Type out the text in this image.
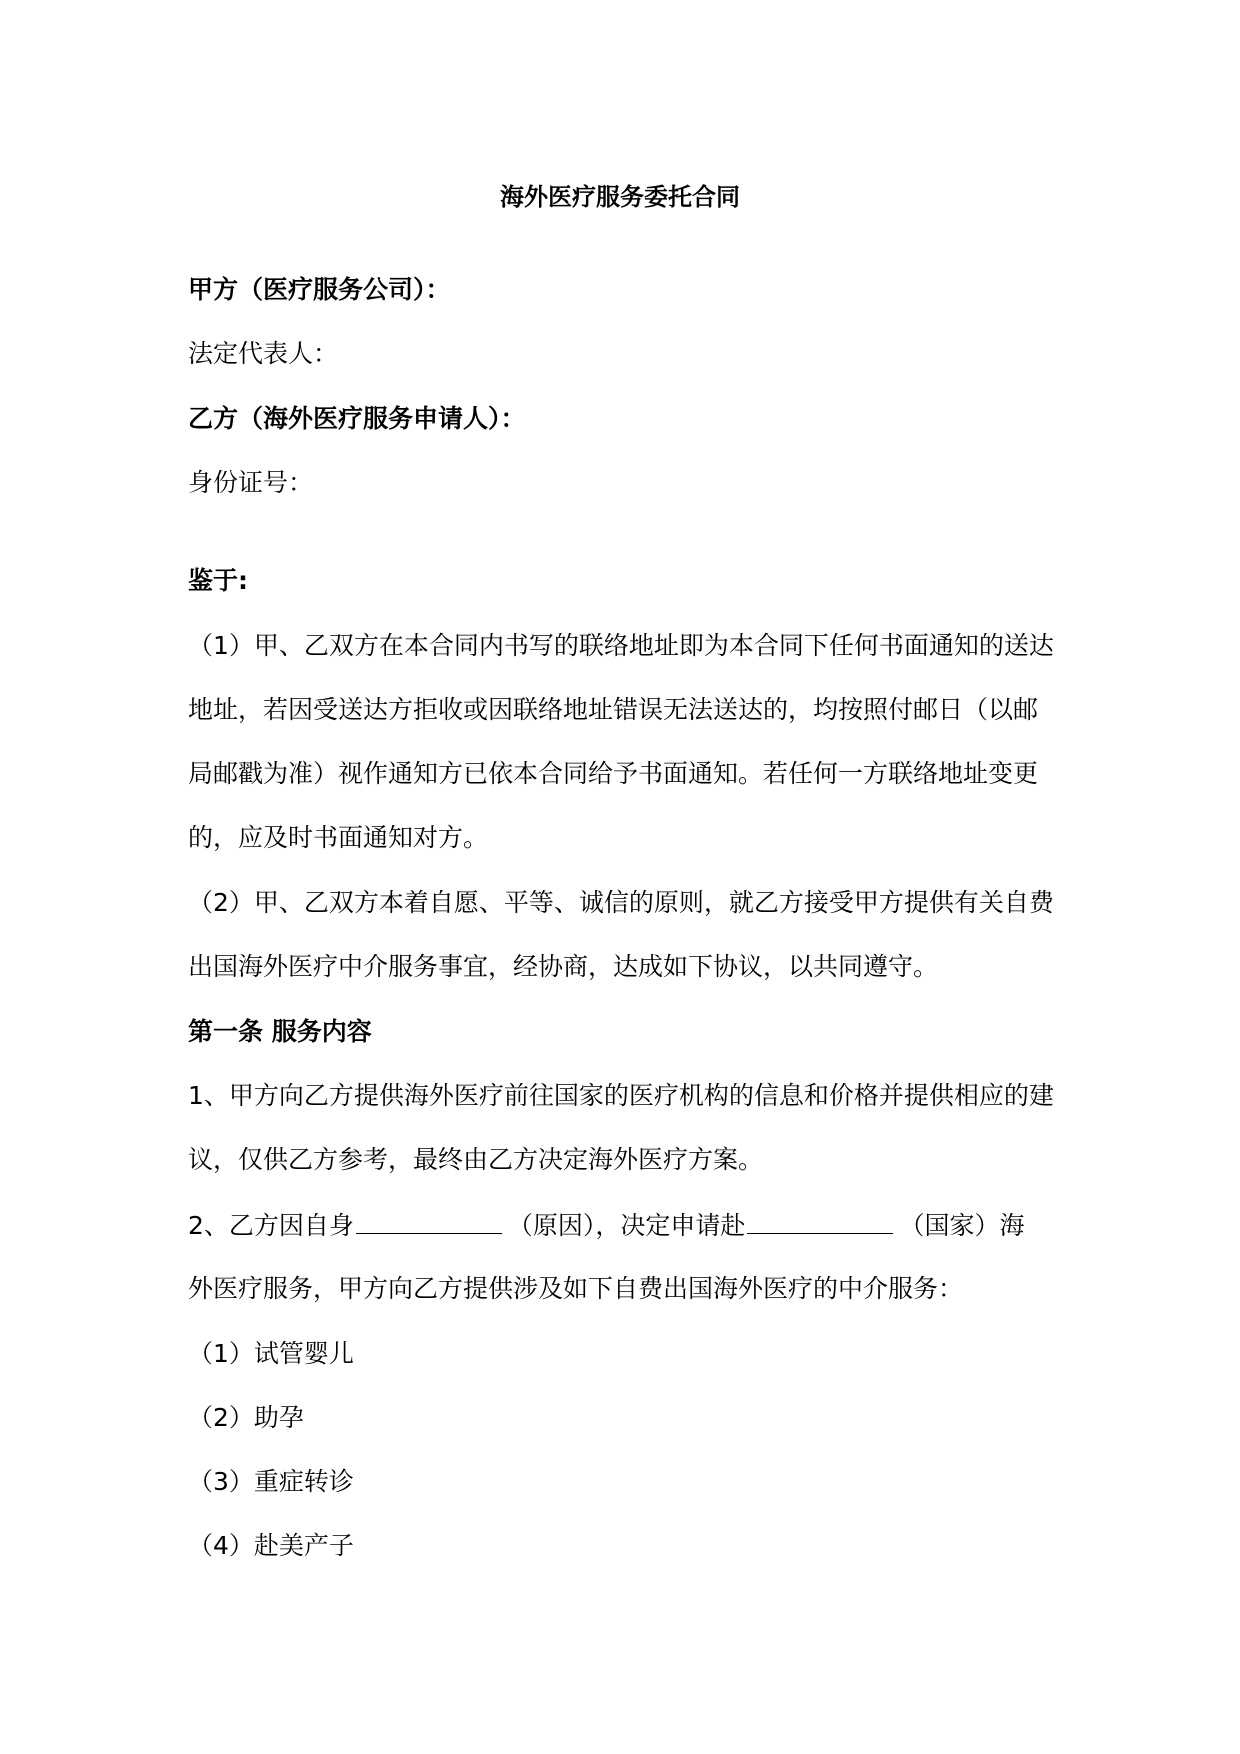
海外医疗服务委托合同
甲方（医疗服务公司）：
法定代表人：
乙方（海外医疗服务申请人）：
身份证号：
鉴于:
（1）甲、乙双方在本合同内书写的联络地址即为本合同下任何书面通知的送达
地址，若因受送达方拒收或因联络地址错误无法送达的，均按照付邮日（以邮
局邮戳为准）视作通知方已依本合同给予书面通知。若任何一方联络地址变更
的，应及时书面通知对方。
（2）甲、乙双方本着自愿、平等、诚信的原则，就乙方接受甲方提供有关自费
出国海外医疗中介服务事宜，经协商，达成如下协议，以共同遵守。
第一条 服务内容
1、甲方向乙方提供海外医疗前往国家的医疗机构的信息和价格并提供相应的建
议，仅供乙方参考，最终由乙方决定海外医疗方案。
2、乙方因自身	（原因），决定申请赴	（国家）海
外医疗服务，甲方向乙方提供涉及如下自费出国海外医疗的中介服务：
（1）试管婴儿
（2）助孕
（3）重症转诊
（4）赴美产子
